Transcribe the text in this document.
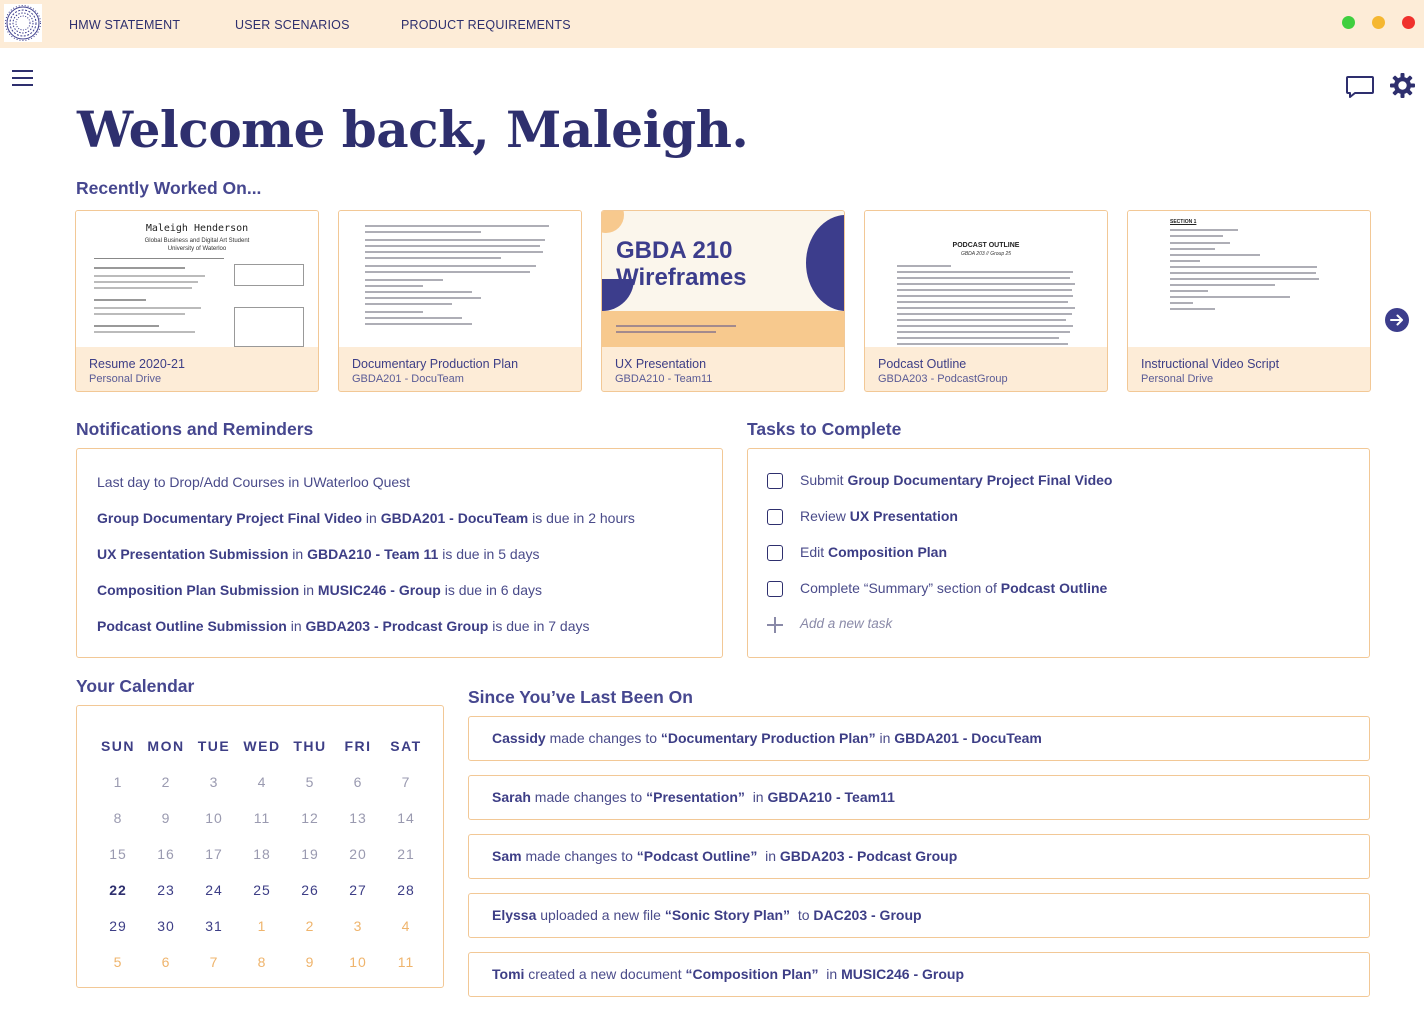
HMW STATEMENT	USER SCENARIOS	PRODUCT REQUIREMENTS
Welcome back, Maleigh.
Recently Worked On...
Maleigh Henderson
Global Business and Digital Art Student
University of Waterloo
Resume 2020-21
Personal Drive
Documentary Production Plan
GBDA201 - DocuTeam
GBDA 210
Wireframes
UX Presentation
GBDA210 - Team11
PODCAST OUTLINE
GBDA 203 // Group 25
Podcast Outline
GBDA203 - PodcastGroup
SECTION 1
Instructional Video Script
Personal Drive
Notifications and Reminders
Last day to Drop/Add Courses in UWaterloo Quest
Group Documentary Project Final Video in GBDA201 - DocuTeam is due in 2 hours
UX Presentation Submission in GBDA210 - Team 11 is due in 5 days
Composition Plan Submission in MUSIC246 - Group is due in 6 days
Podcast Outline Submission in GBDA203 - Prodcast Group is due in 7 days
Tasks to Complete
Submit Group Documentary Project Final Video
Review UX Presentation
Edit Composition Plan
Complete “Summary” section of Podcast Outline
Add a new task
Your Calendar
SUN MON TUE WED THU	FRI	SAT
1	2	3	4	5	6	7
8	9	10	11	12	13	14
15	16	17	18	19	20	21
22	23	24	25	26	27	28
29	30	31	1	2	3	4
5	6	7	8	9	10	11
Since You’ve Last Been On
Cassidy made changes to “Documentary Production Plan” in GBDA201 - DocuTeam
Sarah made changes to “Presentation”  in GBDA210 - Team11
Sam made changes to “Podcast Outline”  in GBDA203 - Podcast Group
Elyssa uploaded a new file “Sonic Story Plan”  to DAC203 - Group
Tomi created a new document “Composition Plan”  in MUSIC246 - Group
